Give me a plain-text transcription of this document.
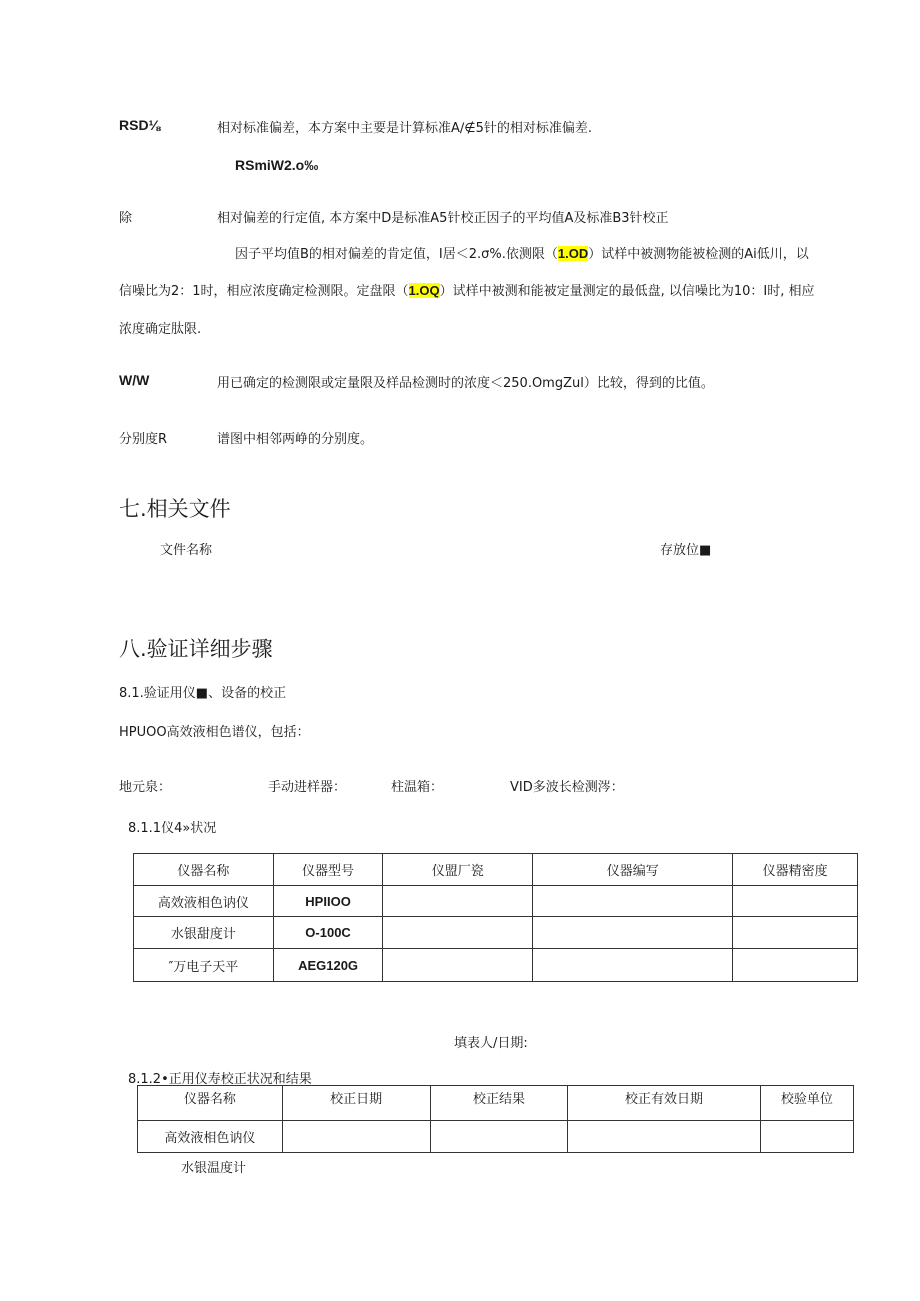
RSD⅛	相对标准偏差，本方案中主要是计算标准A∕∉5针的相对标准偏差.
RSmiW2.o‰
除	相对偏差的行定值, 本方案中D是标准A5针校正因子的平均值A及标准B3针校正
因子平均值B的相对偏差的肯定值，I居＜2.σ%.依测限（1.OD）试样中被测物能被检测的Ai低川，以
信噪比为2：1时，相应浓度确定检测限。定盘限（1.OQ）试样中被测和能被定量测定的最低盘, 以信噪比为10：I时, 相应
浓度确定肽限.
W/W	用已确定的检测限或定量限及样品检测时的浓度＜250.OmgZul）比较，得到的比值。
分别度R	谱图中相邻两峥的分别度。
七.相关文件
文件名称	存放位■
八.验证详细步骤
8.1.验证用仪■、设备的校正
HPUOO高效液相色谱仪，包括：
地元泉：	手动进样器：	柱温箱：	VID多波长检测涔：
8.1.1仪4»状况
仪器名称	仪器型号	仪盟厂瓷	仪器编写	仪器精密度
高效液相色讷仪	HPIIOO			
水银甜度计	O-100C			
″万电子天平	AEG120G			
填表人/日期:
8.1.2•正用仪寿校正状况和结果
仪器名称	校正日期	校正结果	校正有效日期	校验单位
高效液相色讷仪				
水银温度计
